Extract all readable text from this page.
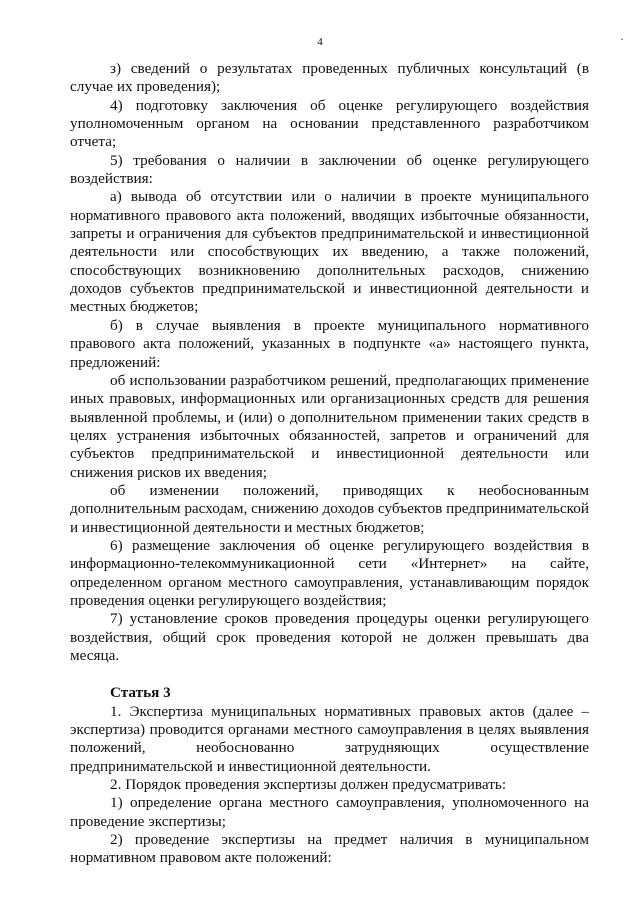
4	·

з) сведений о результатах проведенных публичных консультаций (в случае их проведения);

4) подготовку заключения об оценке регулирующего воздействия уполномоченным органом на основании представленного разработчиком отчета;

5) требования о наличии в заключении об оценке регулирующего воздействия:

а) вывода об отсутствии или о наличии в проекте муниципального нормативного правового акта положений, вводящих избыточные обязанности, запреты и ограничения для субъектов предпринимательской и инвестиционной деятельности или способствующих их введению, а также положений, способствующих возникновению дополнительных расходов, снижению доходов субъектов предпринимательской и инвестиционной деятельности и местных бюджетов;

б) в случае выявления в проекте муниципального нормативного правового акта положений, указанных в подпункте «а» настоящего пункта, предложений:

об использовании разработчиком решений, предполагающих применение иных правовых, информационных или организационных средств для решения выявленной проблемы, и (или) о дополнительном применении таких средств в целях устранения избыточных обязанностей, запретов и ограничений для субъектов предпринимательской и инвестиционной деятельности или снижения рисков их введения;

об изменении положений, приводящих к необоснованным дополнительным расходам, снижению доходов субъектов предпринимательской и инвестиционной деятельности и местных бюджетов;

6) размещение заключения об оценке регулирующего воздействия в информационно-телекоммуникационной сети «Интернет» на сайте, определенном органом местного самоуправления, устанавливающим порядок проведения оценки регулирующего воздействия;

7) установление сроков проведения процедуры оценки регулирующего воздействия, общий срок проведения которой не должен превышать два месяца.

Статья 3

1. Экспертиза муниципальных нормативных правовых актов (далее – экспертиза) проводится органами местного самоуправления в целях выявления положений, необоснованно затрудняющих осуществление предпринимательской и инвестиционной деятельности.

2. Порядок проведения экспертизы должен предусматривать:

1) определение органа местного самоуправления, уполномоченного на проведение экспертизы;

2) проведение экспертизы на предмет наличия в муниципальном нормативном правовом акте положений:
